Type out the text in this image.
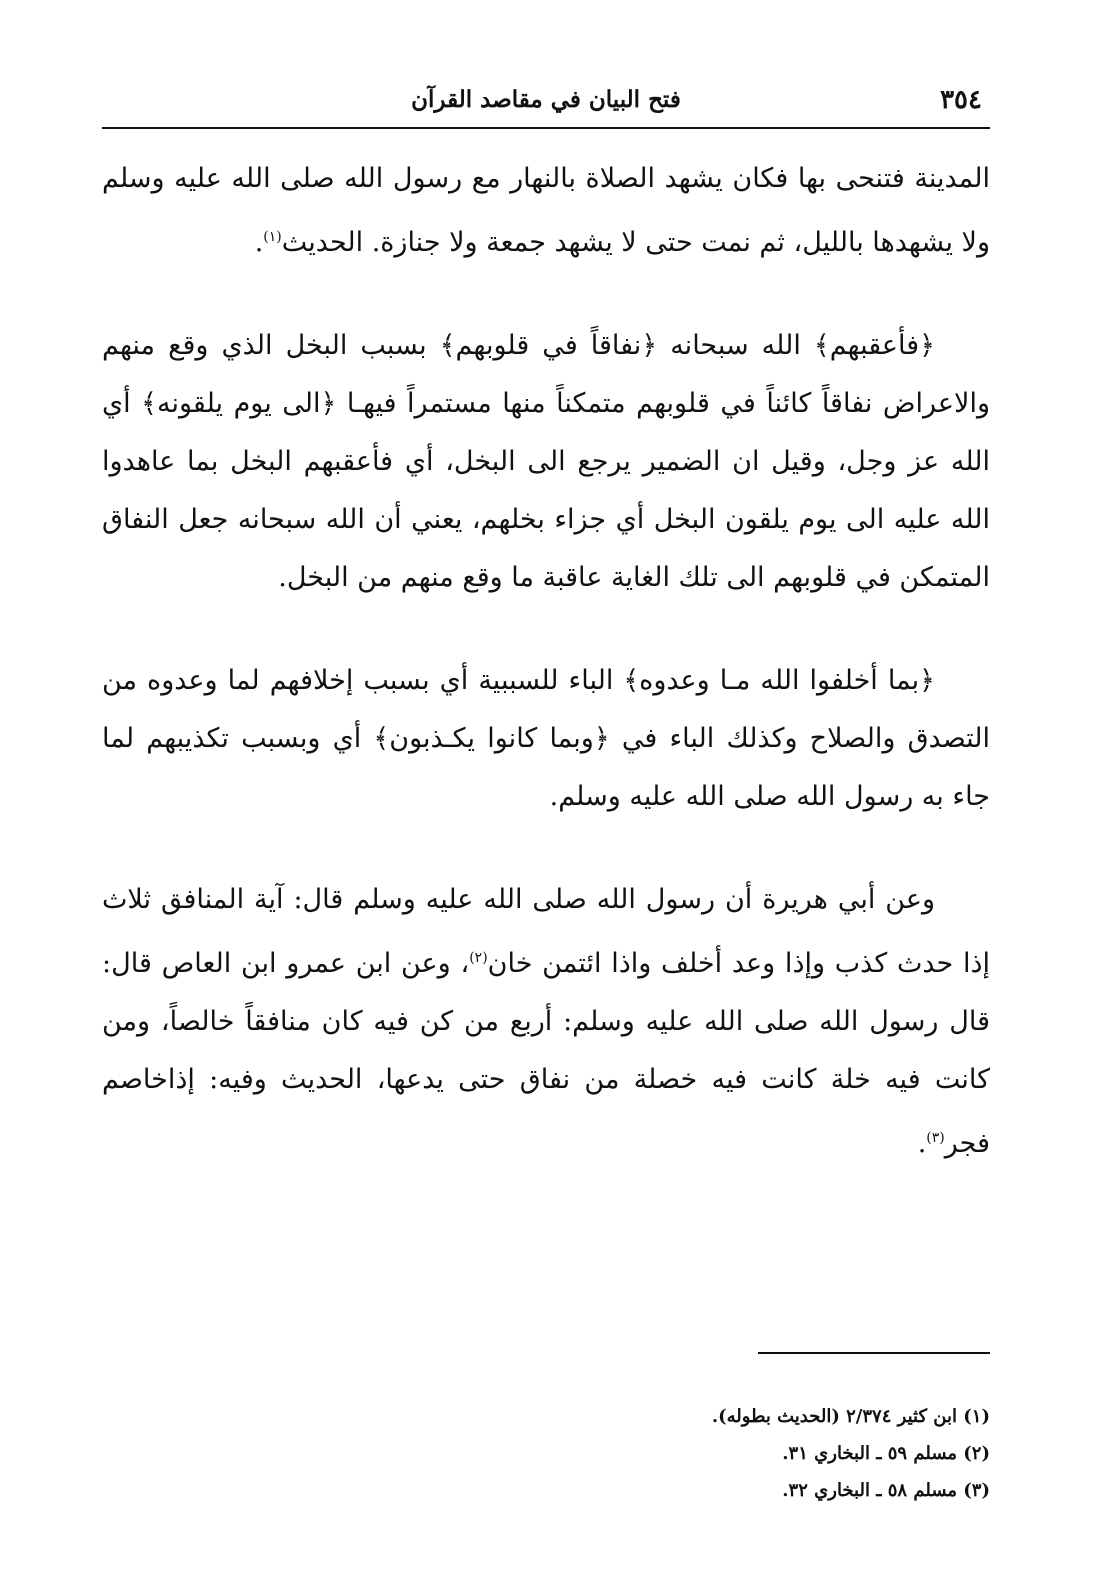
٣٥٤
فتح البيان في مقاصد القرآن

المدينة فتنحى بها فكان يشهد الصلاة بالنهار مع رسول الله صلى الله عليه وسلم ولا يشهدها بالليل، ثم نمت حتى لا يشهد جمعة ولا جنازة. الحديث$^{(١)}$.

﴿فأعقبهم﴾ الله سبحانه ﴿نفاقاً في قلوبهم﴾ بسبب البخل الذي وقع منهم والاعراض نفاقاً كائناً في قلوبهم متمكناً منها مستمراً فيهـا ﴿الى يوم يلقونه﴾ أي الله عز وجل، وقيل ان الضمير يرجع الى البخل، أي فأعقبهم البخل بما عاهدوا الله عليه الى يوم يلقون البخل أي جزاء بخلهم، يعني أن الله سبحانه جعل النفاق المتمكن في قلوبهم الى تلك الغاية عاقبة ما وقع منهم من البخل.

﴿بما أخلفوا الله مـا وعدوه﴾ الباء للسببية أي بسبب إخلافهم لما وعدوه من التصدق والصلاح وكذلك الباء في ﴿وبما كانوا يكـذبون﴾ أي وبسبب تكذيبهم لما جاء به رسول الله صلى الله عليه وسلم.

وعن أبي هريرة أن رسول الله صلى الله عليه وسلم قال: آية المنافق ثلاث إذا حدث كذب وإذا وعد أخلف واذا ائتمن خان$^{(٢)}$، وعن ابن عمرو ابن العاص قال: قال رسول الله صلى الله عليه وسلم: أربع من كن فيه كان منافقاً خالصاً، ومن كانت فيه خلة كانت فيه خصلة من نفاق حتى يدعها، الحديث وفيه: إذاخاصم فجر$^{(٣)}$.

(١) ابن كثير ٢/٣٧٤ (الحديث بطوله).

(٢) مسلم ٥٩ ـ البخاري ٣١.

(٣) مسلم ٥٨ ـ البخاري ٣٢.
